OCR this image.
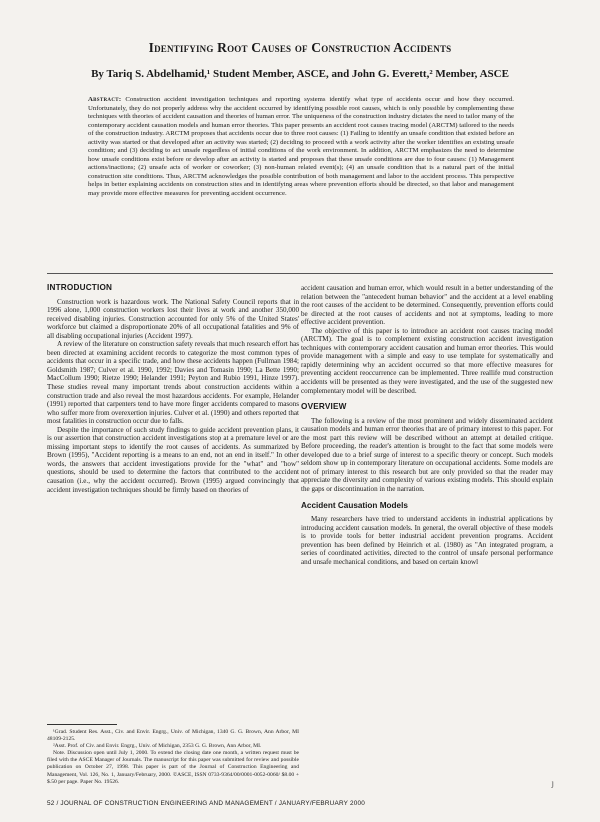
Identifying Root Causes of Construction Accidents
By Tariq S. Abdelhamid,¹ Student Member, ASCE, and John G. Everett,² Member, ASCE
Abstract: Construction accident investigation techniques and reporting systems identify what type of accidents occur and how they occurred. Unfortunately, they do not properly address why the accident occurred by identifying possible root causes, which is only possible by complementing these techniques with theories of accident causation and theories of human error. The uniqueness of the construction industry dictates the need to tailor many of the contemporary accident causation models and human error theories. This paper presents an accident root causes tracing model (ARCTM) tailored to the needs of the construction industry. ARCTM proposes that accidents occur due to three root causes: (1) Failing to identify an unsafe condition that existed before an activity was started or that developed after an activity was started; (2) deciding to proceed with a work activity after the worker identifies an existing unsafe condition; and (3) deciding to act unsafe regardless of initial conditions of the work environment. In addition, ARCTM emphasizes the need to determine how unsafe conditions exist before or develop after an activity is started and proposes that these unsafe conditions are due to four causes: (1) Management actions/inactions; (2) unsafe acts of worker or coworker; (3) non-human related event(s); (4) an unsafe condition that is a natural part of the initial construction site conditions. Thus, ARCTM acknowledges the possible contribution of both management and labor to the accident process. This perspective helps in better explaining accidents on construction sites and in identifying areas where prevention efforts should be directed, so that labor and management may provide more effective measures for preventing accident occurrence.
INTRODUCTION

Construction work is hazardous work. The National Safety Council reports that in 1996 alone, 1,000 construction workers lost their lives at work and another 350,000 received disabling injuries. Construction accounted for only 5% of the United States' workforce but claimed a disproportionate 20% of all occupational fatalities and 9% of all disabling occupational injuries (Accident 1997).

A review of the literature on construction safety reveals that much research effort has been directed at examining accident records to categorize the most common types of accidents that occur in a specific trade, and how these accidents happen (Fullman 1984; Goldsmith 1987; Culver et al. 1990, 1992; Davies and Tomasin 1990; La Bette 1990; MacCollum 1990; Rietze 1990; Helander 1991; Peyton and Rubio 1991, Hinze 1997). These studies reveal many important trends about construction accidents within a construction trade and also reveal the most hazardous accidents. For example, Helander (1991) reported that carpenters tend to have more finger accidents compared to masons who suffer more from overexertion injuries. Culver et al. (1990) and others reported that most fatalities in construction occur due to falls.

Despite the importance of such study findings to guide accident prevention plans, it is our assertion that construction accident investigations stop at a premature level or are missing important steps to identify the root causes of accidents. As summarized by Brown (1995), "Accident reporting is a means to an end, not an end in itself." In other words, the answers that accident investigations provide for the "what" and "how" questions, should be used to determine the factors that contributed to the accident causation (i.e., why the accident occurred). Brown (1995) argued convincingly that accident investigation techniques should be firmly based on theories of

¹Grad. Student Res. Asst., Civ. and Envir. Engrg., Univ. of Michigan, 1340 G. G. Brown, Ann Arbor, MI 48109-2125.

²Asst. Prof. of Civ. and Envir. Engrg., Univ. of Michigan, 2353 G. G. Brown, Ann Arbor, MI.

Note. Discussion open until July 1, 2000. To extend the closing date one month, a written request must be filed with the ASCE Manager of Journals. The manuscript for this paper was submitted for review and possible publication on October 27, 1998. This paper is part of the Journal of Construction Engineering and Management, Vol. 126, No. 1, January/February, 2000. ©ASCE, ISSN 0733-9364/00/0001-0052-0060/ $8.00 + $.50 per page. Paper No. 19526.

accident causation and human error, which would result in a better understanding of the relation between the "antecedent human behavior" and the accident at a level enabling the root causes of the accident to be determined. Consequently, prevention efforts could be directed at the root causes of accidents and not at symptoms, leading to more effective accident prevention.

The objective of this paper is to introduce an accident root causes tracing model (ARCTM). The goal is to complement existing construction accident investigation techniques with contemporary accident causation and human error theories. This would provide management with a simple and easy to use template for systematically and rapidly determining why an accident occurred so that more effective measures for preventing accident reoccurrence can be implemented. Three reallife mud construction accidents will be presented as they were investigated, and the use of the suggested new complementary model will be described.

OVERVIEW

The following is a review of the most prominent and widely disseminated accident causation models and human error theories that are of primary interest to this paper. For the most part this review will be described without an attempt at detailed critique. Before proceeding, the reader's attention is brought to the fact that some models were developed due to a brief surge of interest to a specific theory or concept. Such models seldom show up in contemporary literature on occupational accidents. Some models are not of primary interest to this research but are only provided so that the reader may appreciate the diversity and complexity of various existing models. This should explain the gaps or discontinuation in the narration.

Accident Causation Models

Many researchers have tried to understand accidents in industrial applications by introducing accident causation models. In general, the overall objective of these models is to provide tools for better industrial accident prevention programs. Accident prevention has been defined by Heinrich et al. (1980) as "An integrated program, a series of coordinated activities, directed to the control of unsafe personal performance and unsafe mechanical conditions, and based on certain knowl

52 / JOURNAL OF CONSTRUCTION ENGINEERING AND MANAGEMENT / JANUARY/FEBRUARY 2000
ȷ
